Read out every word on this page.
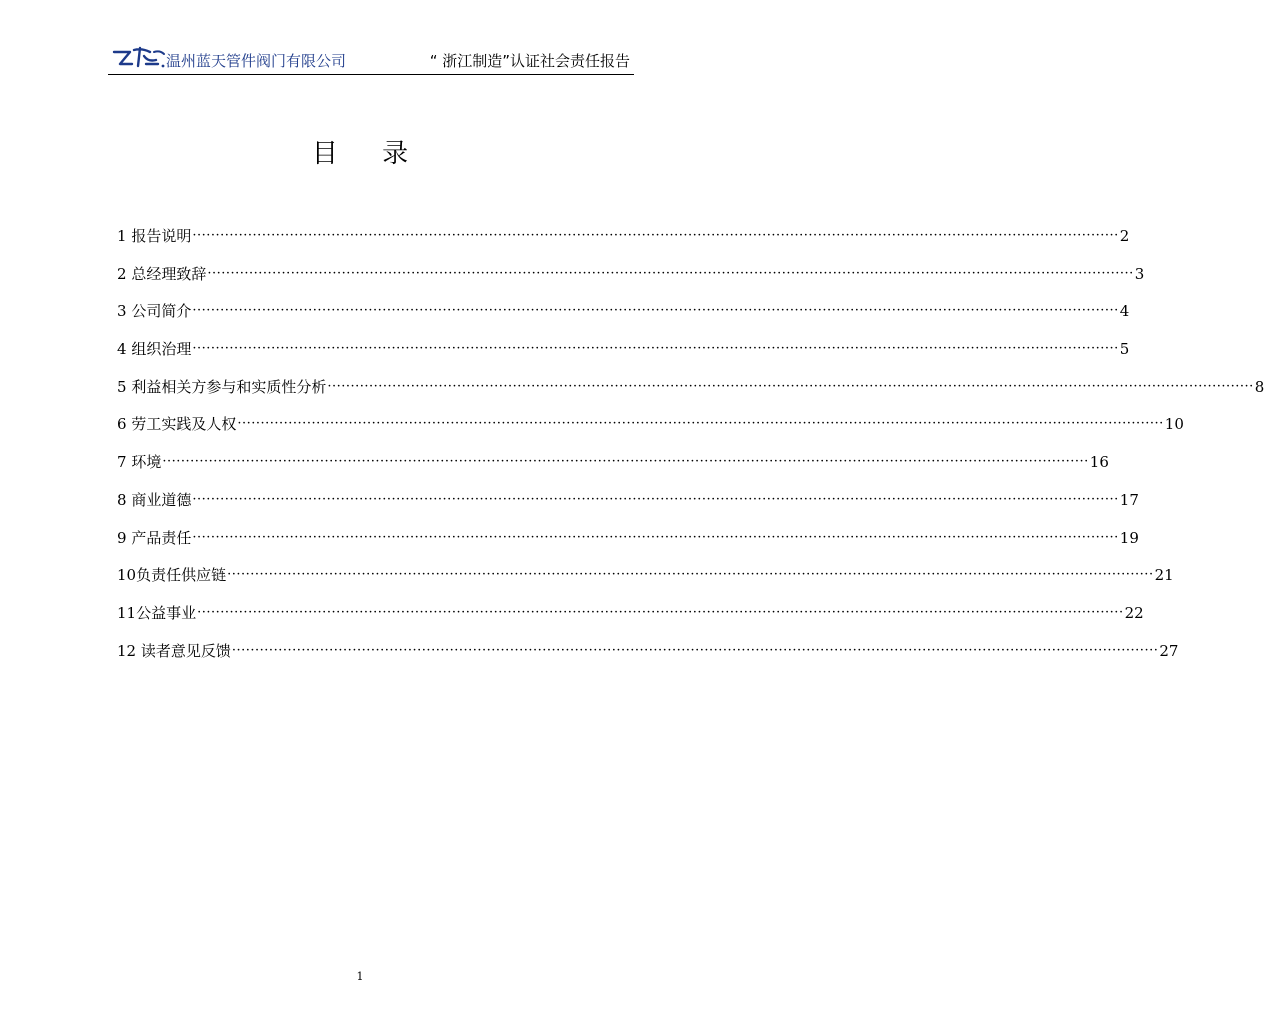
温州蓝天管件阀门有限公司	“ 浙江制造”认证社会责任报告
目 录
1 报告说明 ········································································································································································································ 2
2 总经理致辞 ········································································································································································································ 3
3 公司简介 ········································································································································································································ 4
4 组织治理 ········································································································································································································ 5
5 利益相关方参与和实质性分析 ········································································································································································································ 8
6 劳工实践及人权 ········································································································································································································ 10
7 环境 ········································································································································································································ 16
8 商业道德 ········································································································································································································ 17
9 产品责任 ········································································································································································································ 19
10 负责任供应链 ········································································································································································································ 21
11 公益事业 ········································································································································································································ 22
12 读者意见反馈 ········································································································································································································ 27
1
